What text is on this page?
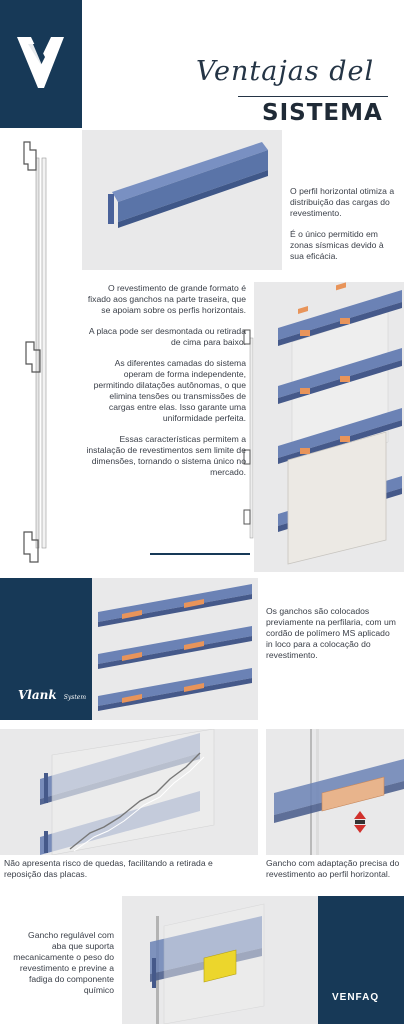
Ventajas del
SISTEMA

O perfil horizontal otimiza a distribuição das cargas do revestimento.

É o único permitido em zonas sísmicas devido à sua eficácia.

O revestimento de grande formato é fixado aos ganchos na parte traseira, que se apoiam sobre os perfis horizontais.

A placa pode ser desmontada ou retirada de cima para baixo.

As diferentes camadas do sistema operam de forma independente, permitindo dilatações autônomas, o que elimina tensões ou transmissões de cargas entre elas. Isso garante uma uniformidade perfeita.

Essas características permitem a instalação de revestimentos sem limite de dimensões, tornando o sistema único no mercado.

Vlank System
Os ganchos são colocados previamente na perfilaria, com um cordão de polímero MS aplicado in loco para a colocação do revestimento.
Não apresenta risco de quedas, facilitando a retirada e reposição das placas.
Gancho com adaptação precisa do revestimento ao perfil horizontal.
Gancho regulável com aba que suporta mecanicamente o peso do revestimento e previne a fadiga do componente químico
VENFAQ
